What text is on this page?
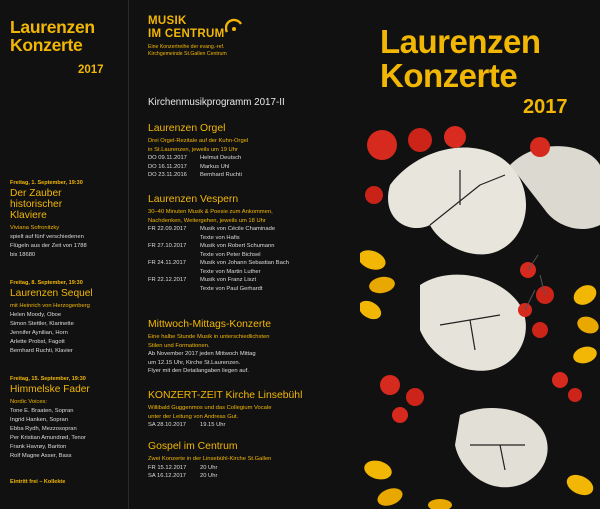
Laurenzen
Konzerte
2017
Freitag, 1. September, 19:30
Der Zauber
historischer
Klaviere
Viviana Sofronitzky
spielt auf fünf verschiedenen
Flügeln aus der Zeit von 1788
bis 18680
Freitag, 8. September, 19:30
Laurenzen Sequel
mit Heinrich von Herzogenberg
Helen Moody, Oboe
Simon Stettler, Klarinette
Jennifer Aynilian, Horn
Arlette Probst, Fagott
Bernhard Ruchti, Klavier
Freitag, 15. September, 19:30
Himmelske Fader
Nordic Voices:
Tone E. Braaten, Sopran
Ingrid Hanken, Sopran
Ebba Rydh, Mezzosopran
Per Kristian Amundrød, Tenor
Frank Havrøy, Bariton
Rolf Magne Asser, Bass
Eintritt frei – Kollekte
MUSIK
IM CENTRUM
Eine Konzertreihe der evang.-ref.
Kirchgemeinde St.Gallen Centrum
Kirchenmusikprogramm 2017-II
Laurenzen Orgel
Drei Orgel-Rezitale auf der Kuhn-Orgel
in St.Laurenzen, jeweils um 19 Uhr
DO 09.11.2017	Helmut Deutsch
DO 16.11.2017	Markus Uhl
DO 23.11.2016	Bernhard Ruchti
Laurenzen Vespern
30–40 Minuten Musik & Poesie zum Ankommen,
Nachdenken, Weitergehen, jeweils um 18 Uhr
FR 22.09.2017	Musik von Cécile Chaminade
Texte von Hafis
FR 27.10.2017	Musik von Robert Schumann
Texte von Peter Bichsel
FR 24.11.2017	Musik von Johann Sebastian Bach
Texte von Martin Luther
FR 22.12.2017	Musik von Franz Liszt
Texte von Paul Gerhardt
Mittwoch-Mittags-Konzerte
Eine halbe Stunde Musik in unterschiedlichsten
Stilen und Formationen.
Ab November 2017 jeden Mittwoch Mittag
um 12.15 Uhr, Kirche St.Laurenzen.
Flyer mit den Detailangaben liegen auf.
KONZERT-ZEIT Kirche Linsebühl
Willibald Guggenmos und das Collegium Vocale
unter der Leitung von Andreas Gut.
SA 28.10.2017	19.15 Uhr
Gospel im Centrum
Zwei Konzerte in der Linsebühl-Kirche St.Gallen
FR 15.12.2017	20 Uhr
SA 16.12.2017	20 Uhr
Laurenzen
Konzerte
2017
